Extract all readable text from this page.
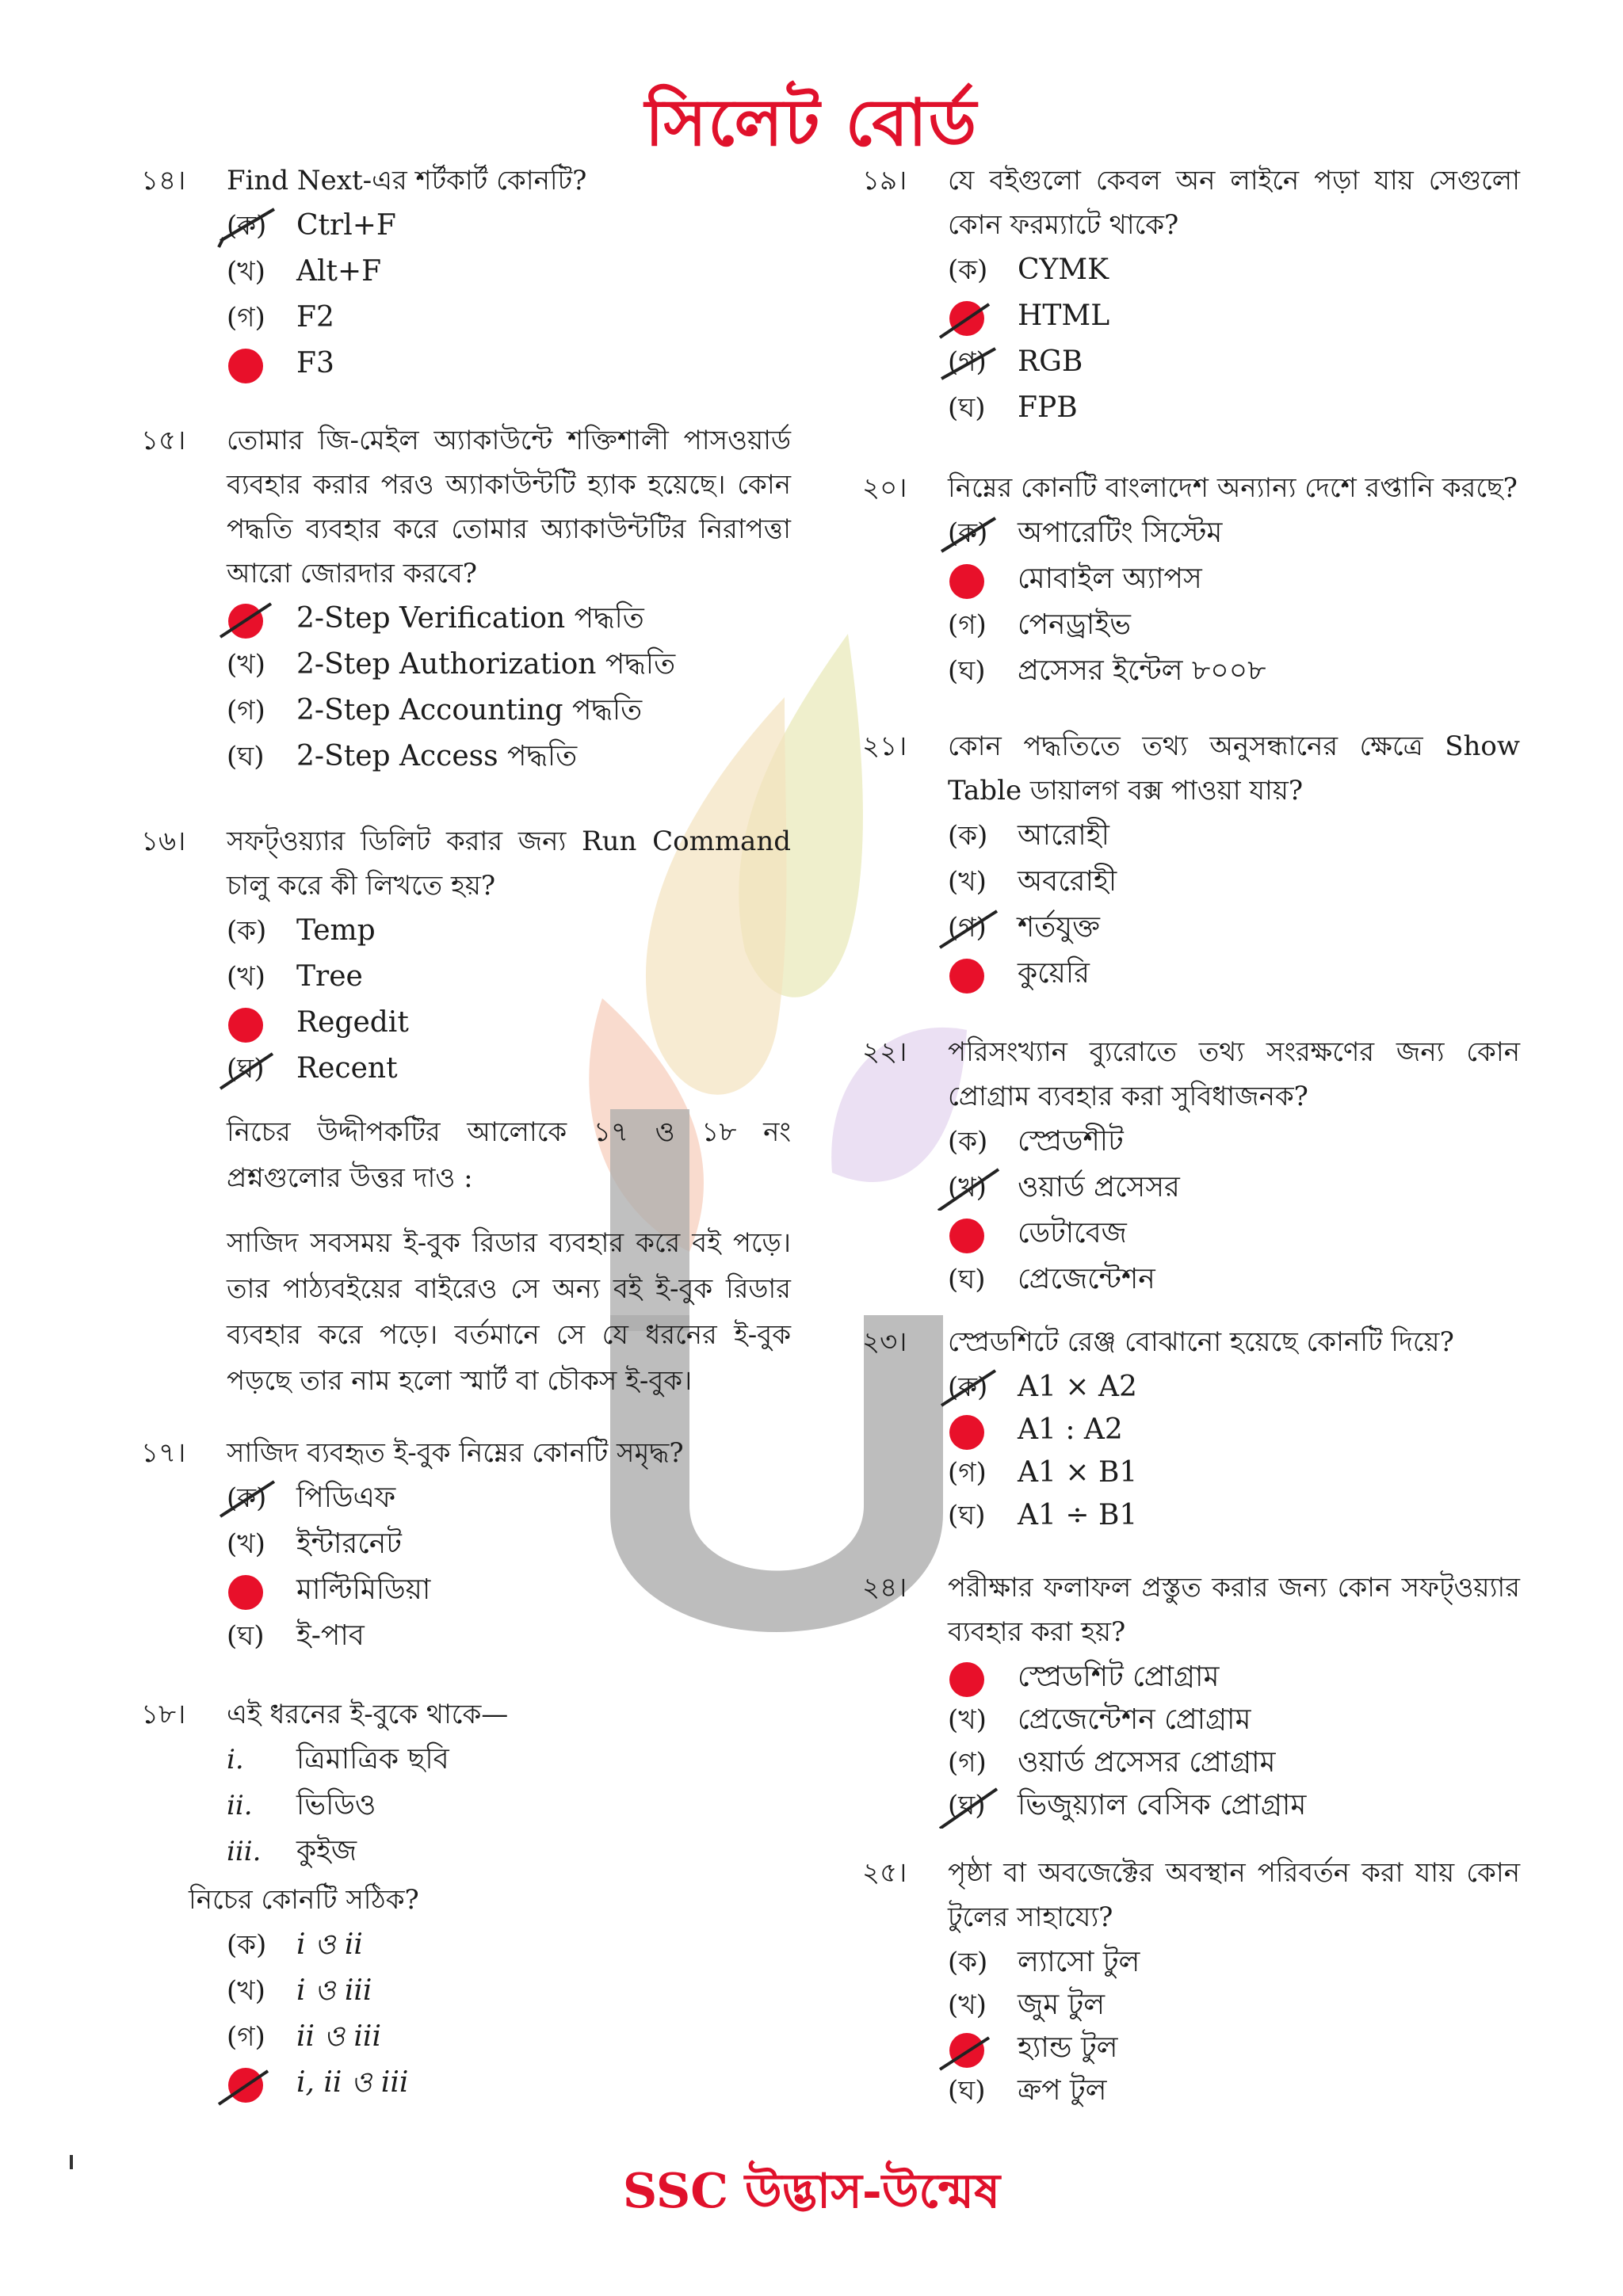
সিলেট বোর্ড
১৪।	Find Next-এর শর্টকার্ট কোনটি?
(ক)	Ctrl+F
(খ)	Alt+F
(গ)	F2
F3
১৫।	তোমার জি-মেইল অ্যাকাউন্টে শক্তিশালী পাসওয়ার্ড ব্যবহার করার পরও অ্যাকাউন্টটি হ্যাক হয়েছে। কোন পদ্ধতি ব্যবহার করে তোমার অ্যাকাউন্টটির নিরাপত্তা আরো জোরদার করবে?
2-Step Verification পদ্ধতি
(খ)	2-Step Authorization পদ্ধতি
(গ)	2-Step Accounting পদ্ধতি
(ঘ)	2-Step Access পদ্ধতি
১৬।	সফট্ওয়্যার ডিলিট করার জন্য Run Command চালু করে কী লিখতে হয়?
(ক)	Temp
(খ)	Tree
Regedit
(ঘ)	Recent
নিচের উদ্দীপকটির আলোকে ১৭ ও ১৮ নং প্রশ্নগুলোর উত্তর দাও :
সাজিদ সবসময় ই-বুক রিডার ব্যবহার করে বই পড়ে। তার পাঠ্যবইয়ের বাইরেও সে অন্য বই ই-বুক রিডার ব্যবহার করে পড়ে। বর্তমানে সে যে ধরনের ই-বুক পড়ছে তার নাম হলো স্মার্ট বা চৌকস ই-বুক।
১৭।	সাজিদ ব্যবহৃত ই-বুক নিম্নের কোনটি সমৃদ্ধ?
(ক)	পিডিএফ
(খ)	ইন্টারনেট
মাল্টিমিডিয়া
(ঘ)	ই-পাব
১৮।	এই ধরনের ই-বুকে থাকে—
i.	ত্রিমাত্রিক ছবি
ii.	ভিডিও
iii.	কুইজ
নিচের কোনটি সঠিক?
(ক)	i ও ii
(খ)	i ও iii
(গ)	ii ও iii
i, ii ও iii
১৯।	যে বইগুলো কেবল অন লাইনে পড়া যায় সেগুলো কোন ফরম্যাটে থাকে?
(ক)	CYMK
HTML
(গ)	RGB
(ঘ)	FPB
২০।	নিম্নের কোনটি বাংলাদেশ অন্যান্য দেশে রপ্তানি করছে?
(ক)	অপারেটিং সিস্টেম
মোবাইল অ্যাপস
(গ)	পেনড্রাইভ
(ঘ)	প্রসেসর ইন্টেল ৮০০৮
২১।	কোন পদ্ধতিতে তথ্য অনুসন্ধানের ক্ষেত্রে Show Table ডায়ালগ বক্স পাওয়া যায়?
(ক)	আরোহী
(খ)	অবরোহী
(গ)	শর্তযুক্ত
কুয়েরি
২২।	পরিসংখ্যান ব্যুরোতে তথ্য সংরক্ষণের জন্য কোন প্রোগ্রাম ব্যবহার করা সুবিধাজনক?
(ক)	স্প্রেডশীট
(খ)	ওয়ার্ড প্রসেসর
ডেটাবেজ
(ঘ)	প্রেজেন্টেশন
২৩।	স্প্রেডশিটে রেঞ্জ বোঝানো হয়েছে কোনটি দিয়ে?
(ক)	A1 × A2
A1 : A2
(গ)	A1 × B1
(ঘ)	A1 ÷ B1
২৪।	পরীক্ষার ফলাফল প্রস্তুত করার জন্য কোন সফট্ওয়্যার ব্যবহার করা হয়?
স্প্রেডশিট প্রোগ্রাম
(খ)	প্রেজেন্টেশন প্রোগ্রাম
(গ)	ওয়ার্ড প্রসেসর প্রোগ্রাম
(ঘ)	ভিজুয়্যাল বেসিক প্রোগ্রাম
২৫।	পৃষ্ঠা বা অবজেক্টের অবস্থান পরিবর্তন করা যায় কোন টুলের সাহায্যে?
(ক)	ল্যাসো টুল
(খ)	জুম টুল
হ্যান্ড টুল
(ঘ)	ক্রপ টুল
SSC উদ্ভাস-উন্মেষ
